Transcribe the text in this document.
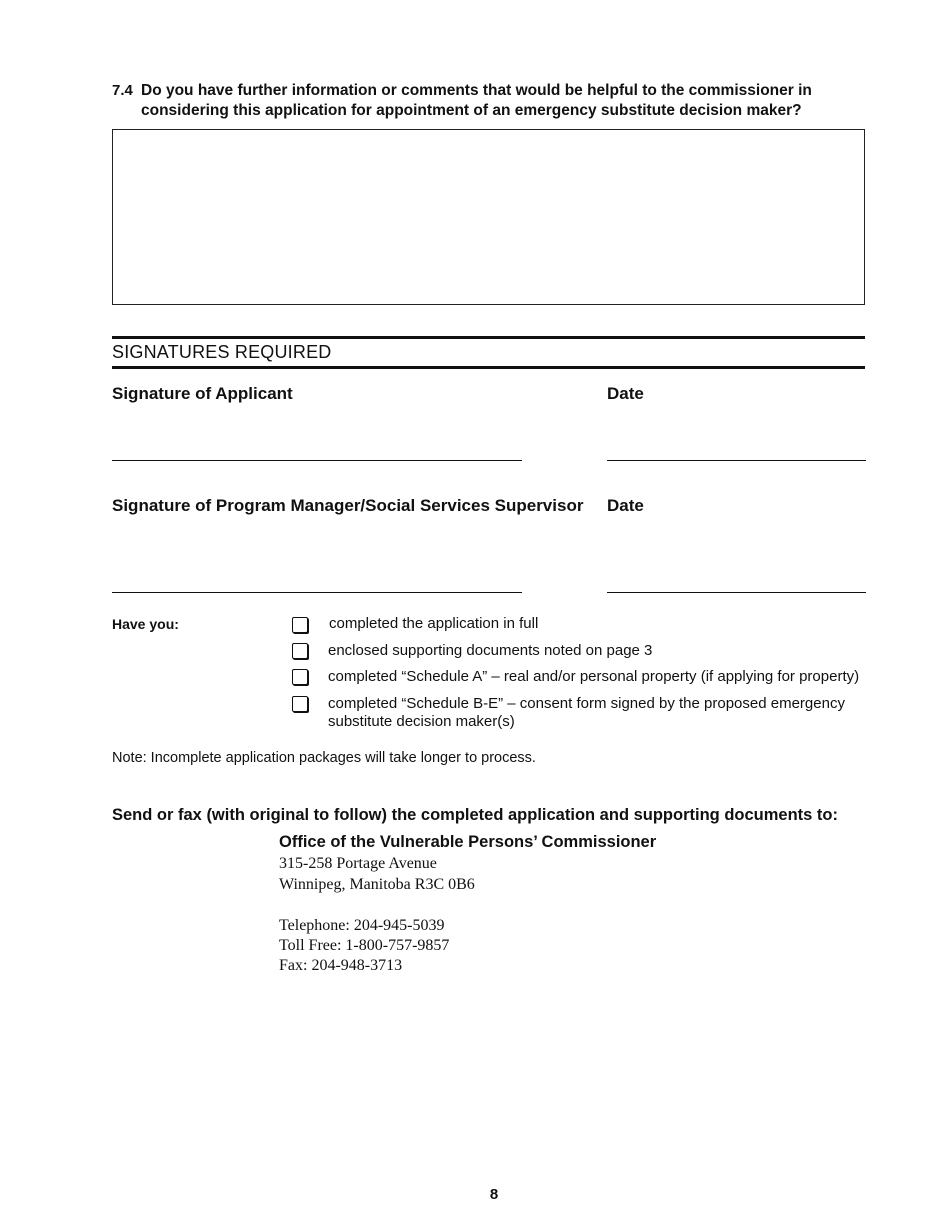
7.4 Do you have further information or comments that would be helpful to the commissioner in considering this application for appointment of an emergency substitute decision maker?
SIGNATURES REQUIRED
Signature of Applicant	Date
Signature of Program Manager/Social Services Supervisor Date
Have you:	completed the application in full
enclosed supporting documents noted on page 3
completed “Schedule A” – real and/or personal property (if applying for property)
completed “Schedule B-E” – consent form signed by the proposed emergency substitute decision maker(s)
Note: Incomplete application packages will take longer to process.
Send or fax (with original to follow) the completed application and supporting documents to:
Office of the Vulnerable Persons’ Commissioner
315-258 Portage Avenue
Winnipeg, Manitoba R3C 0B6
Telephone: 204-945-5039
Toll Free: 1-800-757-9857
Fax: 204-948-3713
8
